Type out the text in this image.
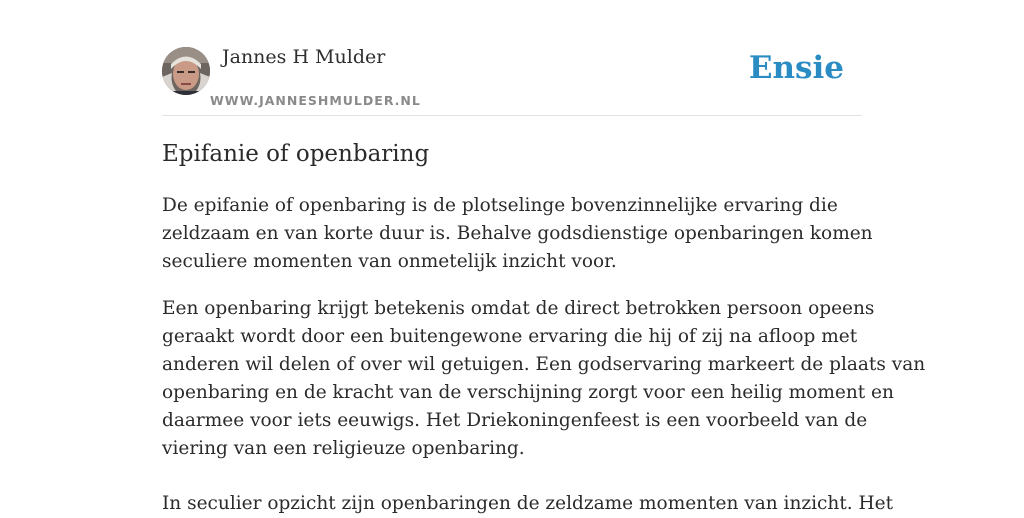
Jannes H Mulder
WWW.JANNESHMULDER.NL
Ensie
Epifanie of openbaring

De epifanie of openbaring is de plotselinge bovenzinnelijke ervaring die
zeldzaam en van korte duur is. Behalve godsdienstige openbaringen komen
seculiere momenten van onmetelijk inzicht voor.

Een openbaring krijgt betekenis omdat de direct betrokken persoon opeens
geraakt wordt door een buitengewone ervaring die hij of zij na afloop met
anderen wil delen of over wil getuigen. Een godservaring markeert de plaats van
openbaring en de kracht van de verschijning zorgt voor een heilig moment en
daarmee voor iets eeuwigs. Het Driekoningenfeest is een voorbeeld van de
viering van een religieuze openbaring.

In seculier opzicht zijn openbaringen de zeldzame momenten van inzicht. Het
